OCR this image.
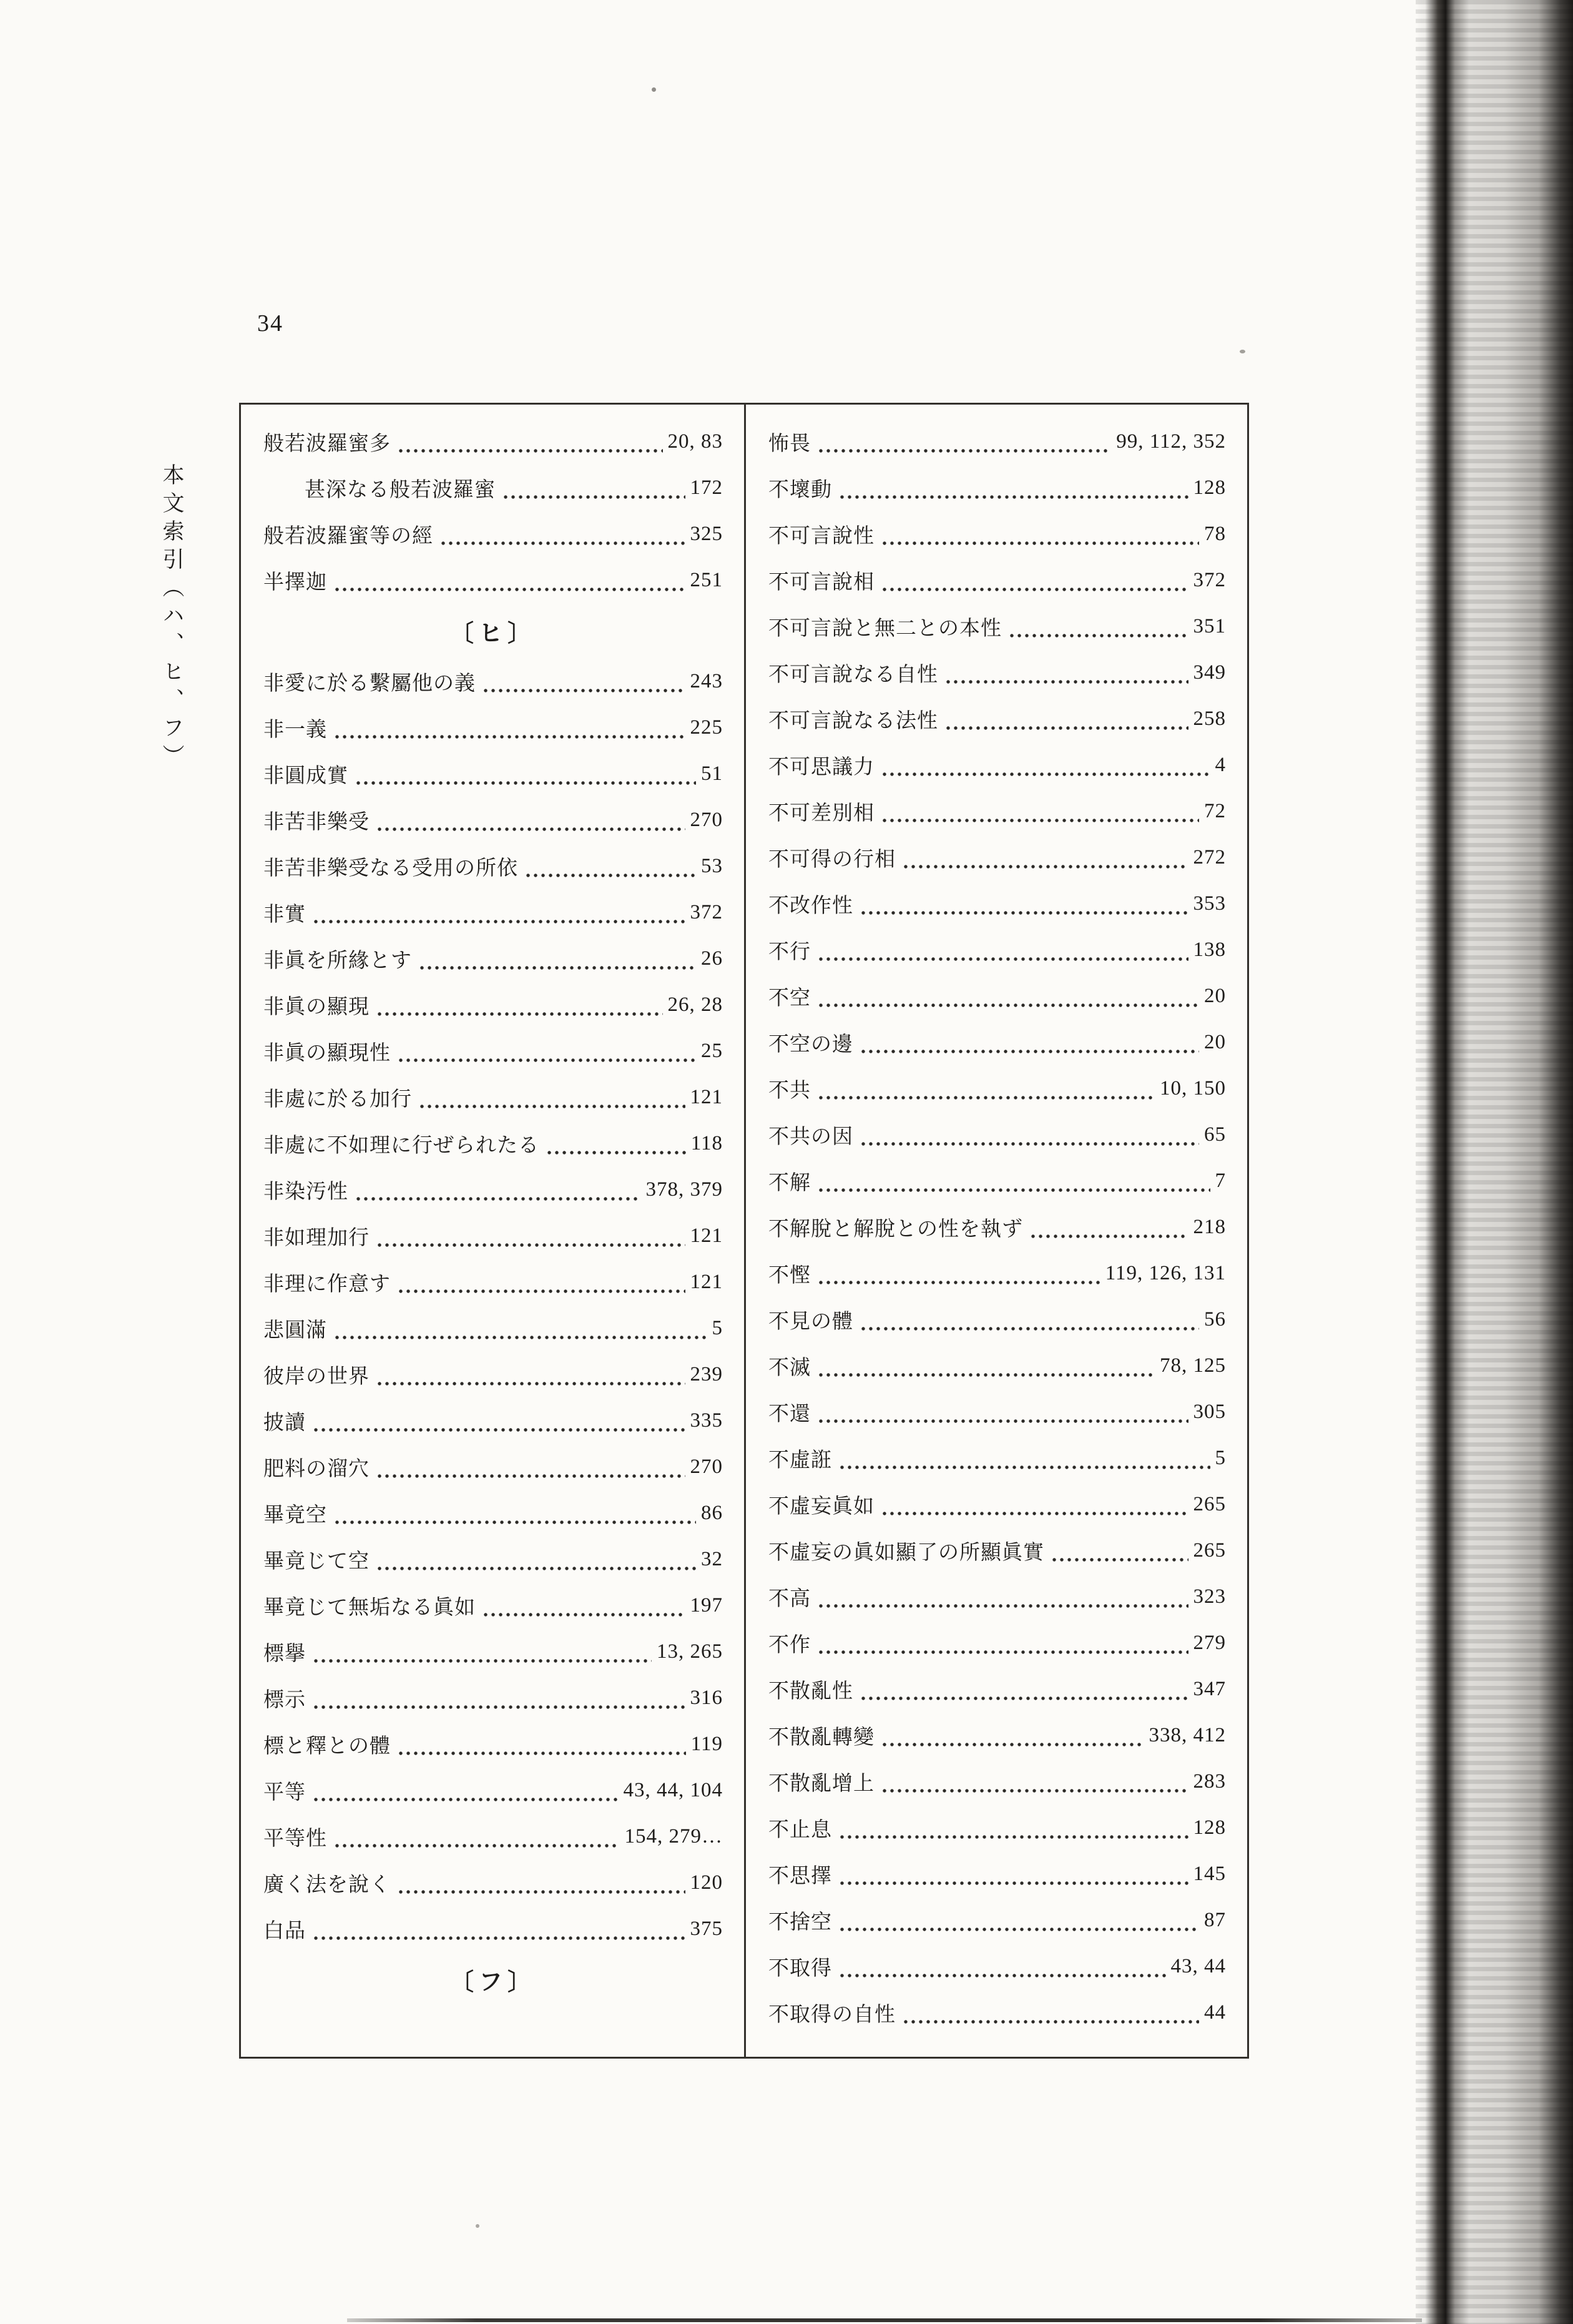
34
本文索引（ハ、ヒ、フ）
般若波羅蜜多	20, 83
甚深なる般若波羅蜜	172
般若波羅蜜等の經	325
半擇迦	251
〔ヒ〕
非愛に於る繫屬他の義	243
非一義	225
非圓成實	51
非苦非樂受	270
非苦非樂受なる受用の所依	53
非實	372
非眞を所緣とす	26
非眞の顯現	26, 28
非眞の顯現性	25
非處に於る加行	121
非處に不如理に行ぜられたる	118
非染汚性	378, 379
非如理加行	121
非理に作意す	121
悲圓滿	5
彼岸の世界	239
披讀	335
肥料の溜穴	270
畢竟空	86
畢竟じて空	32
畢竟じて無垢なる眞如	197
標擧	13, 265
標示	316
標と釋との體	119
平等	43, 44, 104
平等性	154, 279…
廣く法を說く	120
白品	375
〔フ〕
怖畏	99, 112, 352
不壞動	128
不可言說性	78
不可言說相	372
不可言說と無二との本性	351
不可言說なる自性	349
不可言說なる法性	258
不可思議力	4
不可差別相	72
不可得の行相	272
不改作性	353
不行	138
不空	20
不空の邊	20
不共	10, 150
不共の因	65
不解	7
不解脫と解脫との性を執ず	218
不慳	119, 126, 131
不見の體	56
不滅	78, 125
不還	305
不虛誑	5
不虛妄眞如	265
不虛妄の眞如顯了の所顯眞實	265
不高	323
不作	279
不散亂性	347
不散亂轉變	338, 412
不散亂增上	283
不止息	128
不思擇	145
不捨空	87
不取得	43, 44
不取得の自性	44
